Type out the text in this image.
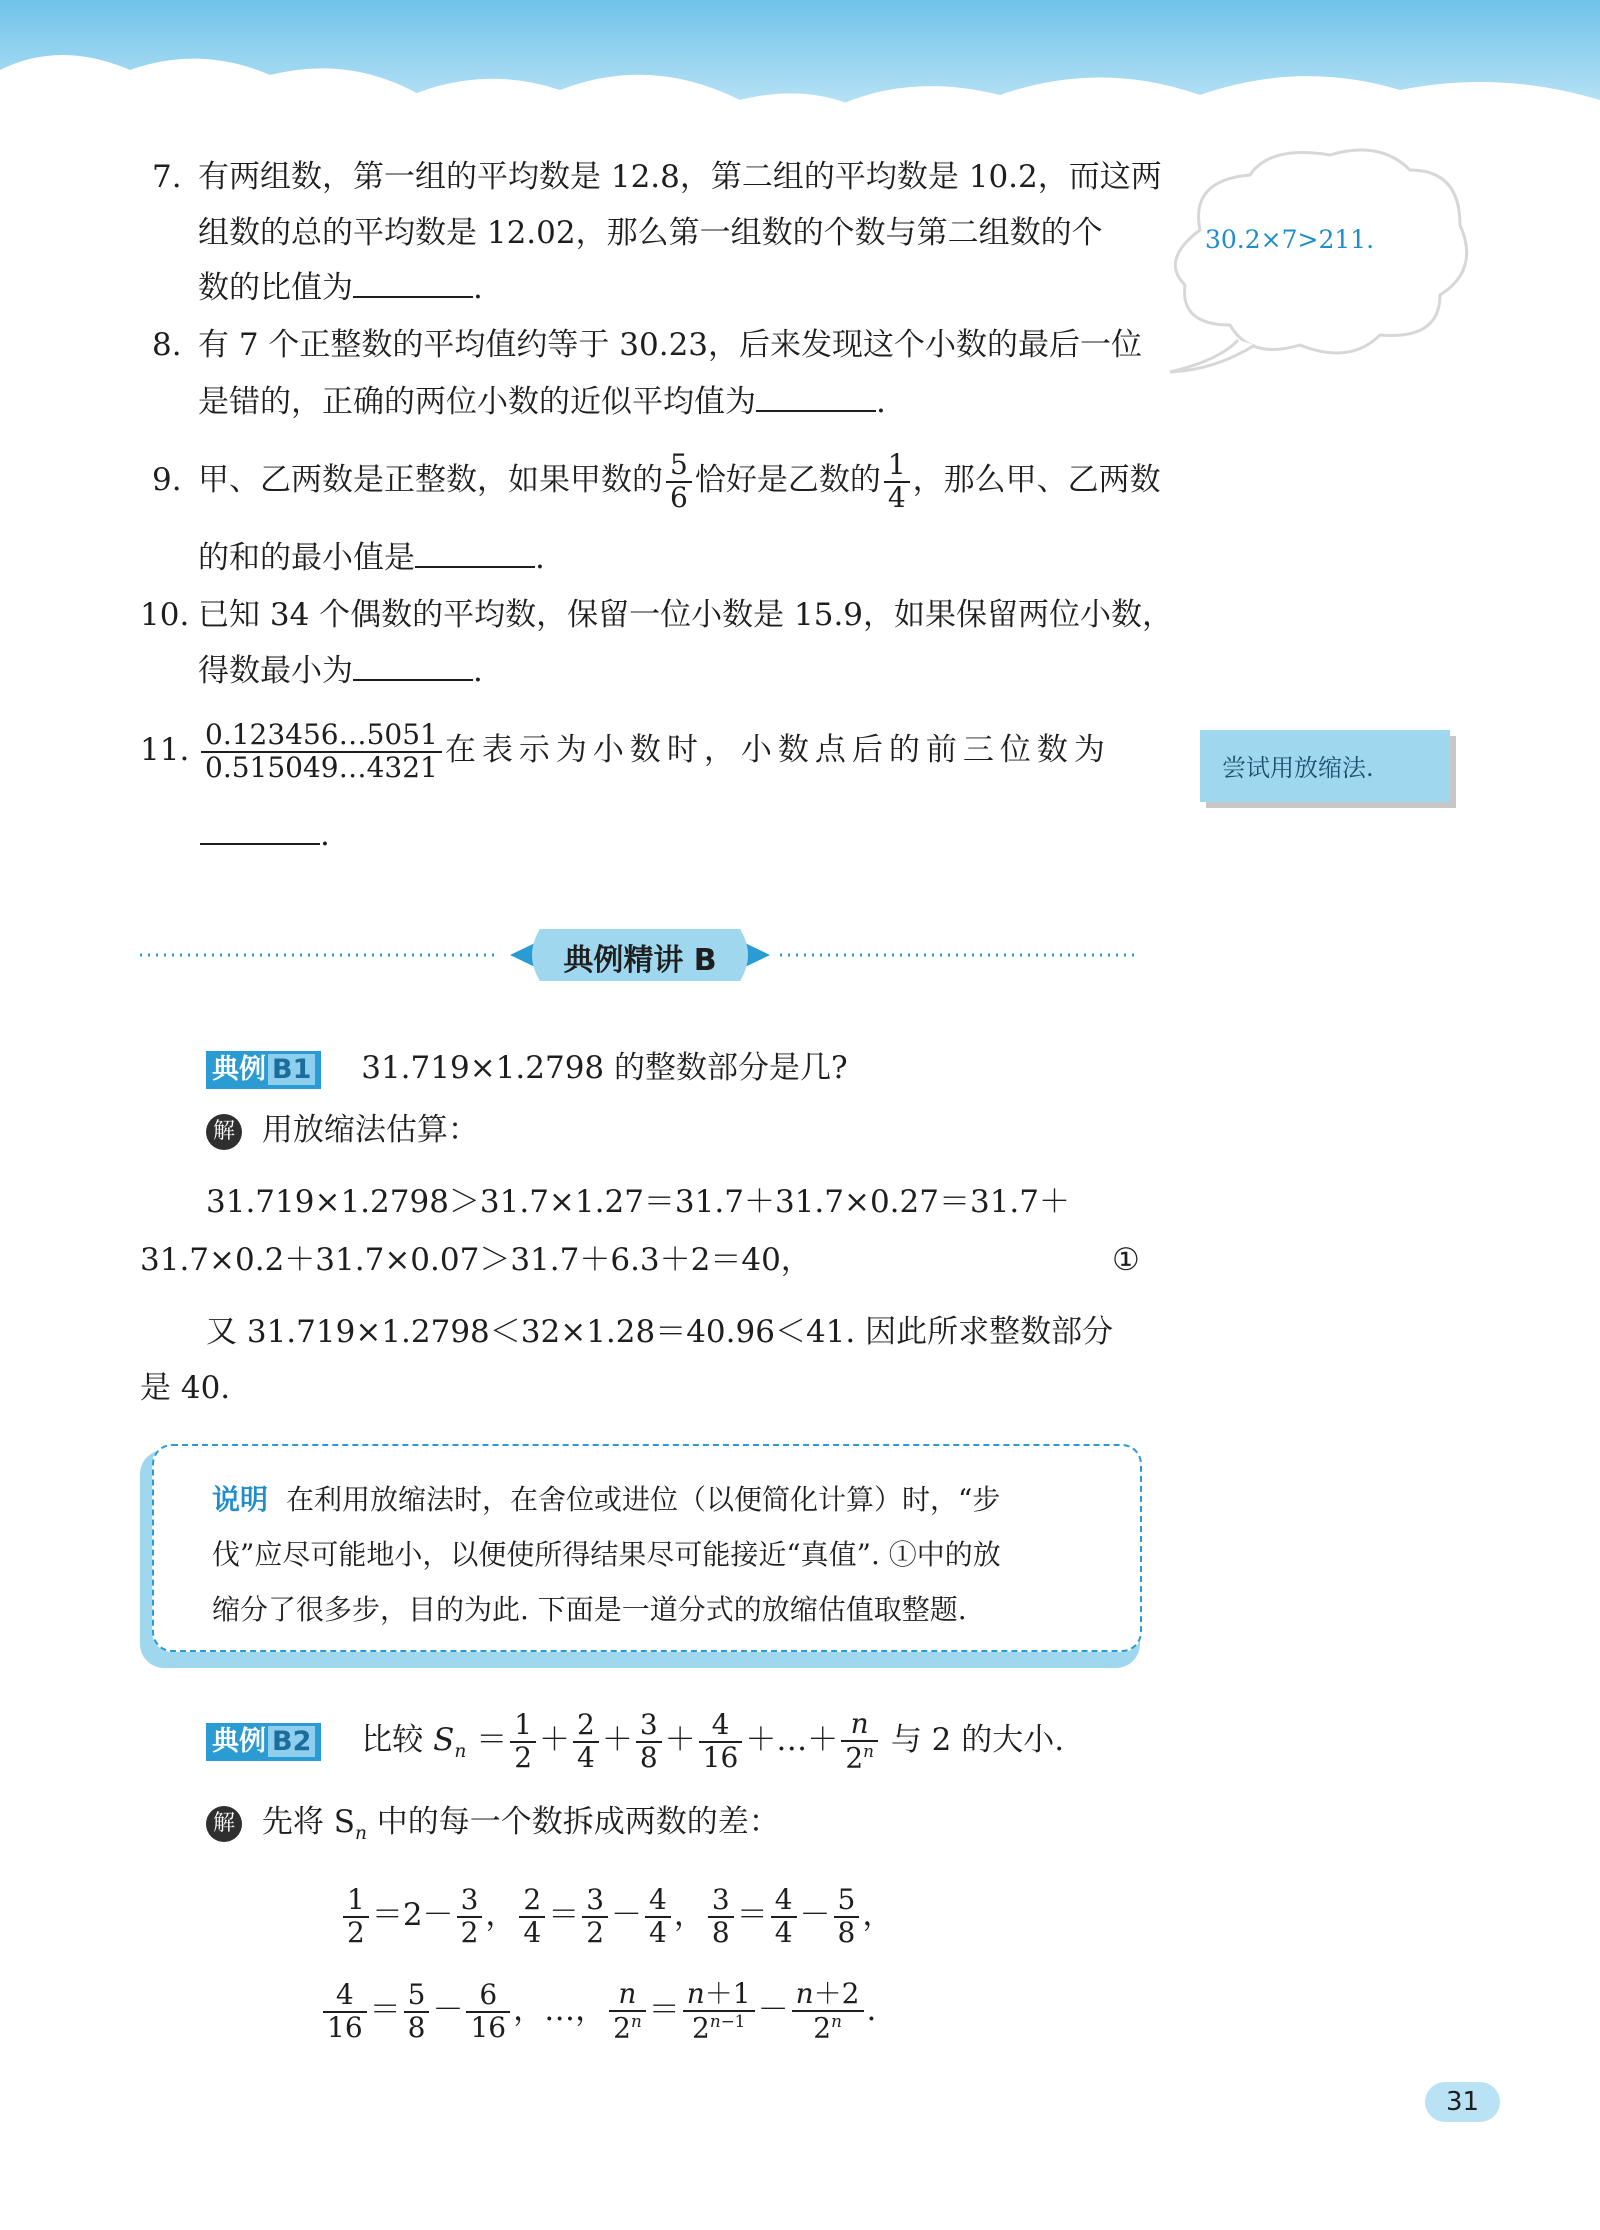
7. 有两组数，第一组的平均数是 12.8，第二组的平均数是 10.2，而这两
组数的总的平均数是 12.02，那么第一组数的个数与第二组数的个
数的比值为	.
8. 有 7 个正整数的平均值约等于 30.23，后来发现这个小数的最后一位
是错的，正确的两位小数的近似平均值为	.
9. 甲、乙两数是正整数，如果甲数的 $\frac{5}{6}$ 恰好是乙数的 $\frac{1}{4}$ ，那么甲、乙两数
的和的最小值是	.
10. 已知 34 个偶数的平均数，保留一位小数是 15.9，如果保留两位小数，
得数最小为	.
11. $\frac{0.123456\dots 5051}{0.515049\dots 4321}$ 在表示为小数时，小数点后的前三位数为
.
30.2×7>211.
尝试用放缩法.
典例精讲 B
典例 B1 31.719×1.2798 的整数部分是几?
解 用放缩法估算：
31.719×1.2798＞31.7×1.27＝31.7＋31.7×0.27＝31.7＋
31.7×0.2＋31.7×0.07＞31.7＋6.3＋2＝40，	①
又 31.719×1.2798＜32×1.28＝40.96＜41. 因此所求整数部分
是 40.
说明 在利用放缩法时，在舍位或进位（以便简化计算）时，“步
伐”应尽可能地小，以便使所得结果尽可能接近“真值”. ①中的放
缩分了很多步，目的为此. 下面是一道分式的放缩估值取整题.
典例 B2 比较 $S_n = \frac{1}{2} + \frac{2}{4} + \frac{3}{8} + \frac{4}{16}$ ＋…＋ $\frac{n}{2^n}$ 与 2 的大小.
解 先将 $S_n$ 中的每一个数拆成两数的差：
$\frac{1}{2} =2- \frac{3}{2}$ ， $\frac{2}{4} = \frac{3}{2} - \frac{4}{4}$ ， $\frac{3}{8} = \frac{4}{4} - \frac{5}{8}$ ，
$\frac{4}{16} = \frac{5}{8} - \frac{6}{16}$ ，…， $\frac{n}{2^n} = \frac{n+1}{2^{n-1}} - \frac{n+2}{2^n}$ .
31
